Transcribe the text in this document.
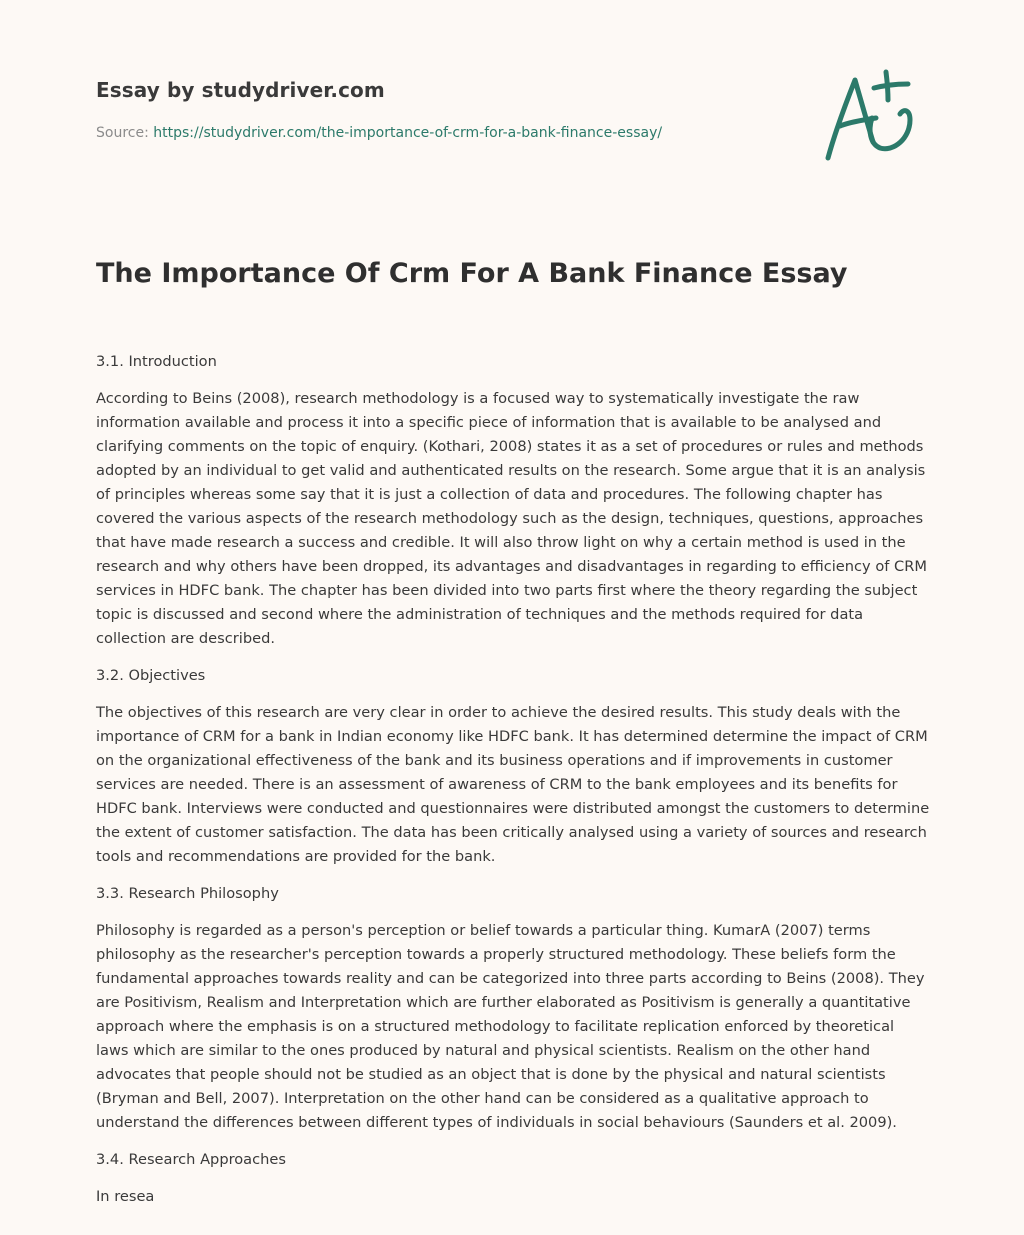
Essay by studydriver.com

Source: https://studydriver.com/the-importance-of-crm-for-a-bank-finance-essay/
The Importance Of Crm For A Bank Finance Essay
3.1. Introduction

According to Beins (2008), research methodology is a focused way to systematically investigate the raw information available and process it into a specific piece of information that is available to be analysed and clarifying comments on the topic of enquiry. (Kothari, 2008) states it as a set of procedures or rules and methods adopted by an individual to get valid and authenticated results on the research. Some argue that it is an analysis of principles whereas some say that it is just a collection of data and procedures. The following chapter has covered the various aspects of the research methodology such as the design, techniques, questions, approaches that have made research a success and credible. It will also throw light on why a certain method is used in the research and why others have been dropped, its advantages and disadvantages in regarding to efficiency of CRM services in HDFC bank. The chapter has been divided into two parts first where the theory regarding the subject topic is discussed and second where the administration of techniques and the methods required for data collection are described.

3.2. Objectives

The objectives of this research are very clear in order to achieve the desired results. This study deals with the importance of CRM for a bank in Indian economy like HDFC bank. It has determined determine the impact of CRM on the organizational effectiveness of the bank and its business operations and if improvements in customer services are needed. There is an assessment of awareness of CRM to the bank employees and its benefits for HDFC bank. Interviews were conducted and questionnaires were distributed amongst the customers to determine the extent of customer satisfaction. The data has been critically analysed using a variety of sources and research tools and recommendations are provided for the bank.

3.3. Research Philosophy

Philosophy is regarded as a person's perception or belief towards a particular thing. KumarA (2007) terms philosophy as the researcher's perception towards a properly structured methodology. These beliefs form the fundamental approaches towards reality and can be categorized into three parts according to Beins (2008). They are Positivism, Realism and Interpretation which are further elaborated as Positivism is generally a quantitative approach where the emphasis is on a structured methodology to facilitate replication enforced by theoretical laws which are similar to the ones produced by natural and physical scientists. Realism on the other hand advocates that people should not be studied as an object that is done by the physical and natural scientists (Bryman and Bell, 2007). Interpretation on the other hand can be considered as a qualitative approach to understand the differences between different types of individuals in social behaviours (Saunders et al. 2009).

3.4. Research Approaches

In resea
